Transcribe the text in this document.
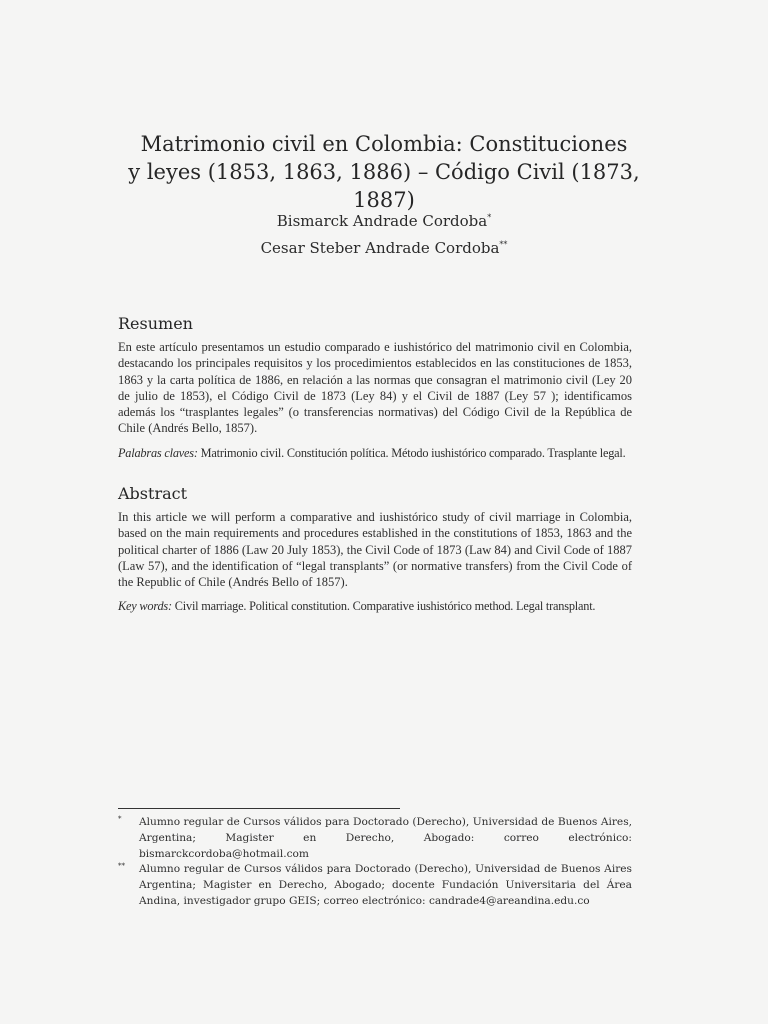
Matrimonio civil en Colombia: Constituciones
y leyes (1853, 1863, 1886) – Código Civil (1873, 1887)
Bismarck Andrade Cordoba*
Cesar Steber Andrade Cordoba**
Resumen

En este artículo presentamos un estudio comparado e iushistórico del matrimonio civil en Colombia, destacando los principales requisitos y los procedimientos establecidos en las constituciones de 1853, 1863 y la carta política de 1886, en relación a las normas que consagran el matrimonio civil (Ley 20 de julio de 1853), el Código Civil de 1873 (Ley 84) y el Civil de 1887 (Ley 57 ); identificamos además los “trasplantes legales” (o transferencias normativas) del Código Civil de la República de Chile (Andrés Bello, 1857).

Palabras claves: Matrimonio civil. Constitución política. Método iushistórico comparado. Trasplante legal.
Abstract

In this article we will perform a comparative and iushistórico study of civil marriage in Colombia, based on the main requirements and procedures established in the constitutions of 1853, 1863 and the political charter of 1886 (Law 20 July 1853), the Civil Code of 1873 (Law 84) and Civil Code of 1887 (Law 57), and the identification of “legal transplants” (or normative transfers) from the Civil Code of the Republic of Chile (Andrés Bello of 1857).

Key words: Civil marriage. Political constitution. Comparative iushistórico method. Legal transplant.
* Alumno regular de Cursos válidos para Doctorado (Derecho), Universidad de Buenos Aires, Argentina; Magister en Derecho, Abogado: correo electrónico: bismarckcordoba@hotmail.com
** Alumno regular de Cursos válidos para Doctorado (Derecho), Universidad de Buenos Aires Argentina; Magister en Derecho, Abogado; docente Fundación Universitaria del Área Andina, investigador grupo GEIS; correo electrónico: candrade4@areandina.edu.co
